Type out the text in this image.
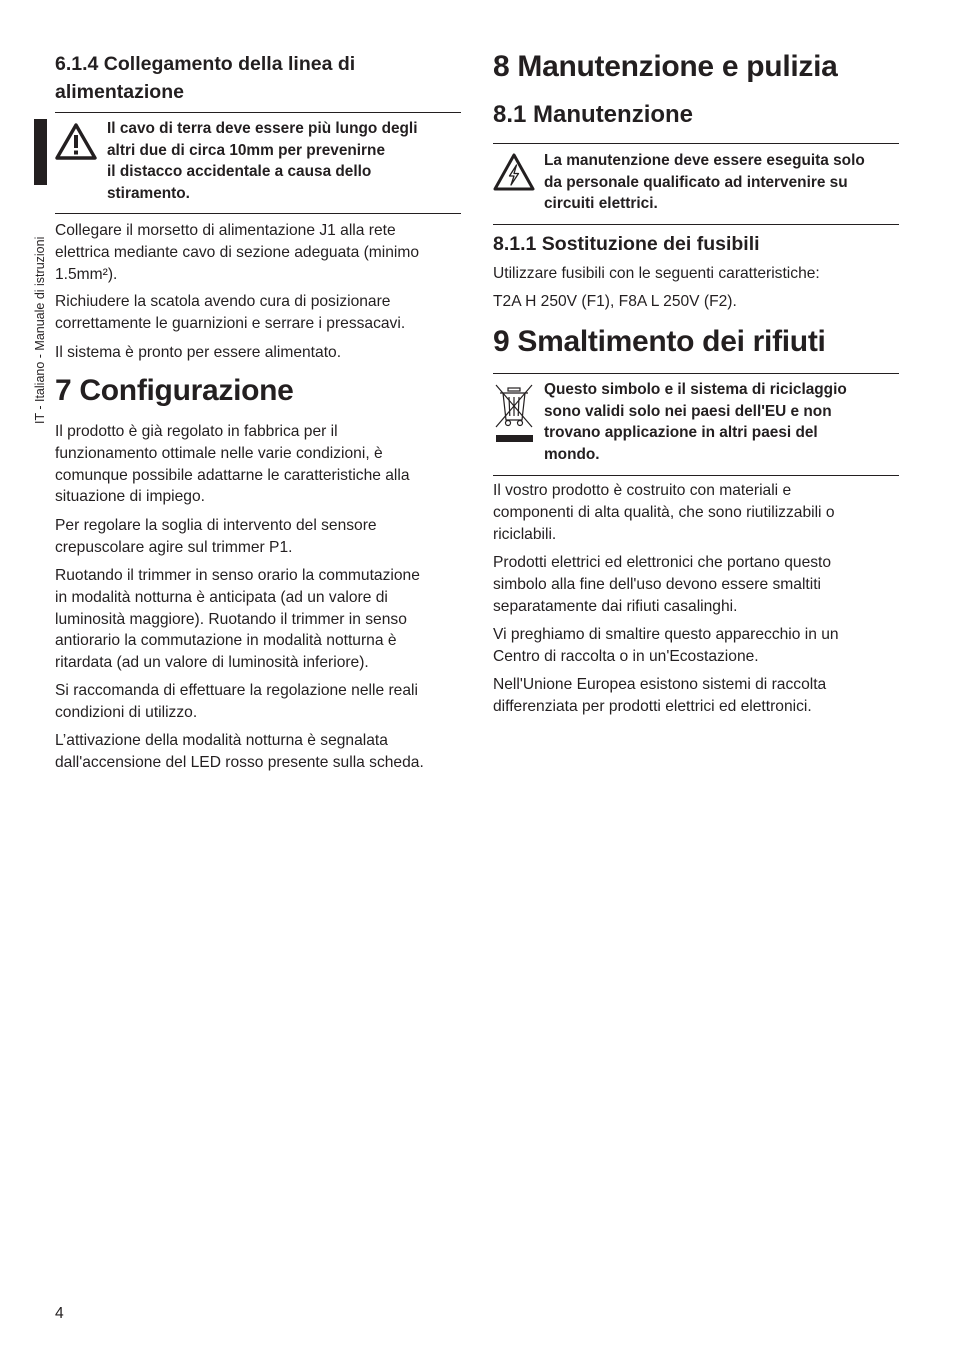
IT - Italiano - Manuale di istruzioni
6.1.4 Collegamento della linea di
alimentazione
Il cavo di terra deve essere più lungo degli
altri due di circa 10mm per prevenirne
il distacco accidentale a causa dello
stiramento.

Collegare il morsetto di alimentazione J1 alla rete
elettrica mediante cavo di sezione adeguata (minimo
1.5mm²).

Richiudere la scatola avendo cura di posizionare
correttamente le guarnizioni e serrare i pressacavi.

Il sistema è pronto per essere alimentato.

7 Configurazione

Il prodotto è già regolato in fabbrica per il
funzionamento ottimale nelle varie condizioni, è
comunque possibile adattarne le caratteristiche alla
situazione di impiego.

Per regolare la soglia di intervento del sensore
crepuscolare agire sul trimmer P1.

Ruotando il trimmer in senso orario la commutazione
in modalità notturna è anticipata (ad un valore di
luminosità maggiore). Ruotando il trimmer in senso
antiorario la commutazione in modalità notturna è
ritardata (ad un valore di luminosità inferiore).

Si raccomanda di effettuare la regolazione nelle reali
condizioni di utilizzo.

L’attivazione della modalità notturna è segnalata
dall'accensione del LED rosso presente sulla scheda.

8 Manutenzione e pulizia
8.1 Manutenzione
La manutenzione deve essere eseguita solo
da personale qualificato ad intervenire su
circuiti elettrici.
8.1.1 Sostituzione dei fusibili

Utilizzare fusibili con le seguenti caratteristiche:

T2A H 250V (F1), F8A L 250V (F2).

9 Smaltimento dei rifiuti
Questo simbolo e il sistema di riciclaggio
sono validi solo nei paesi dell'EU e non
trovano applicazione in altri paesi del
mondo.

Il vostro prodotto è costruito con materiali e
componenti di alta qualità, che sono riutilizzabili o
riciclabili.

Prodotti elettrici ed elettronici che portano questo
simbolo alla fine dell'uso devono essere smaltiti
separatamente dai rifiuti casalinghi.

Vi preghiamo di smaltire questo apparecchio in un
Centro di raccolta o in un'Ecostazione.

Nell'Unione Europea esistono sistemi di raccolta
differenziata per prodotti elettrici ed elettronici.

4
